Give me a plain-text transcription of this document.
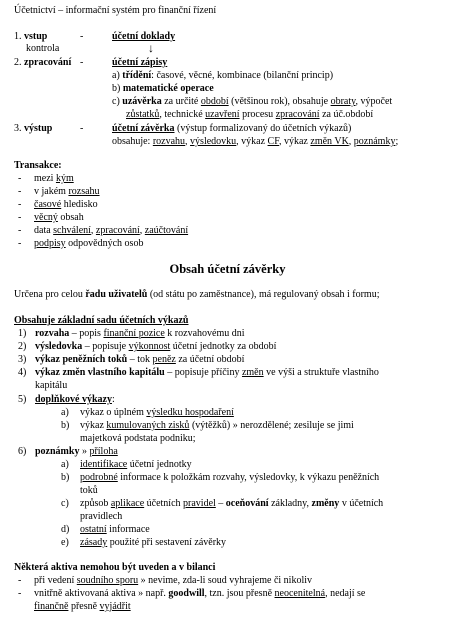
Účetnictví – informační systém pro finanční řízení
1. vstup	-	účetní doklady
kontrola	↓
2. zpracování -	účetní zápisy
a) třídění: časové, věcné, kombinace (bilanční princip)
b) matematické operace
c) uzávěrka za určité období (většinou rok), obsahuje obraty, výpočet
zůstatků, technické uzavření procesu zpracování za úč.období
3. výstup	-	účetní závěrka (výstup formalizovaný do účetních výkazů)
obsahuje: rozvahu, výsledovku, výkaz CF, výkaz změn VK, poznámky;
Transakce:
- mezi kým
- v jakém rozsahu
- časové hledisko
- věcný obsah
- data schválení, zpracování, zaúčtování
- podpisy odpovědných osob
Obsah účetní závěrky
Určena pro celou řadu uživatelů (od státu po zaměstnance), má regulovaný obsah i formu;
Obsahuje základní sadu účetních výkazů
1) rozvaha – popis finanční pozice k rozvahovému dni
2) výsledovka – popisuje výkonnost účetní jednotky za období
3) výkaz peněžních toků – tok peněz za účetní období
4) výkaz změn vlastního kapitálu – popisuje příčiny změn ve výši a struktuře vlastního
kapitálu
5) doplňkové výkazy:
a) výkaz o úplném výsledku hospodaření
b) výkaz kumulovaných zisků (výtěžků) » nerozdělené; zesiluje se jimi
majetková podstata podniku;
6) poznámky » příloha
a) identifikace účetní jednotky
b) podrobné informace k položkám rozvahy, výsledovky, k výkazu peněžních
toků
c) způsob aplikace účetních pravidel – oceňování základny, změny v účetních
pravidlech
d) ostatní informace
e) zásady použité při sestavení závěrky
Některá aktiva nemohou být uveden a v bilanci
- při vedení soudního sporu » nevime, zda-li soud vyhrajeme či nikoliv
- vnitřně aktivovaná aktiva » např. goodwill, tzn. jsou přesně neocenitelná, nedají se
finančně přesně vyjádřit
